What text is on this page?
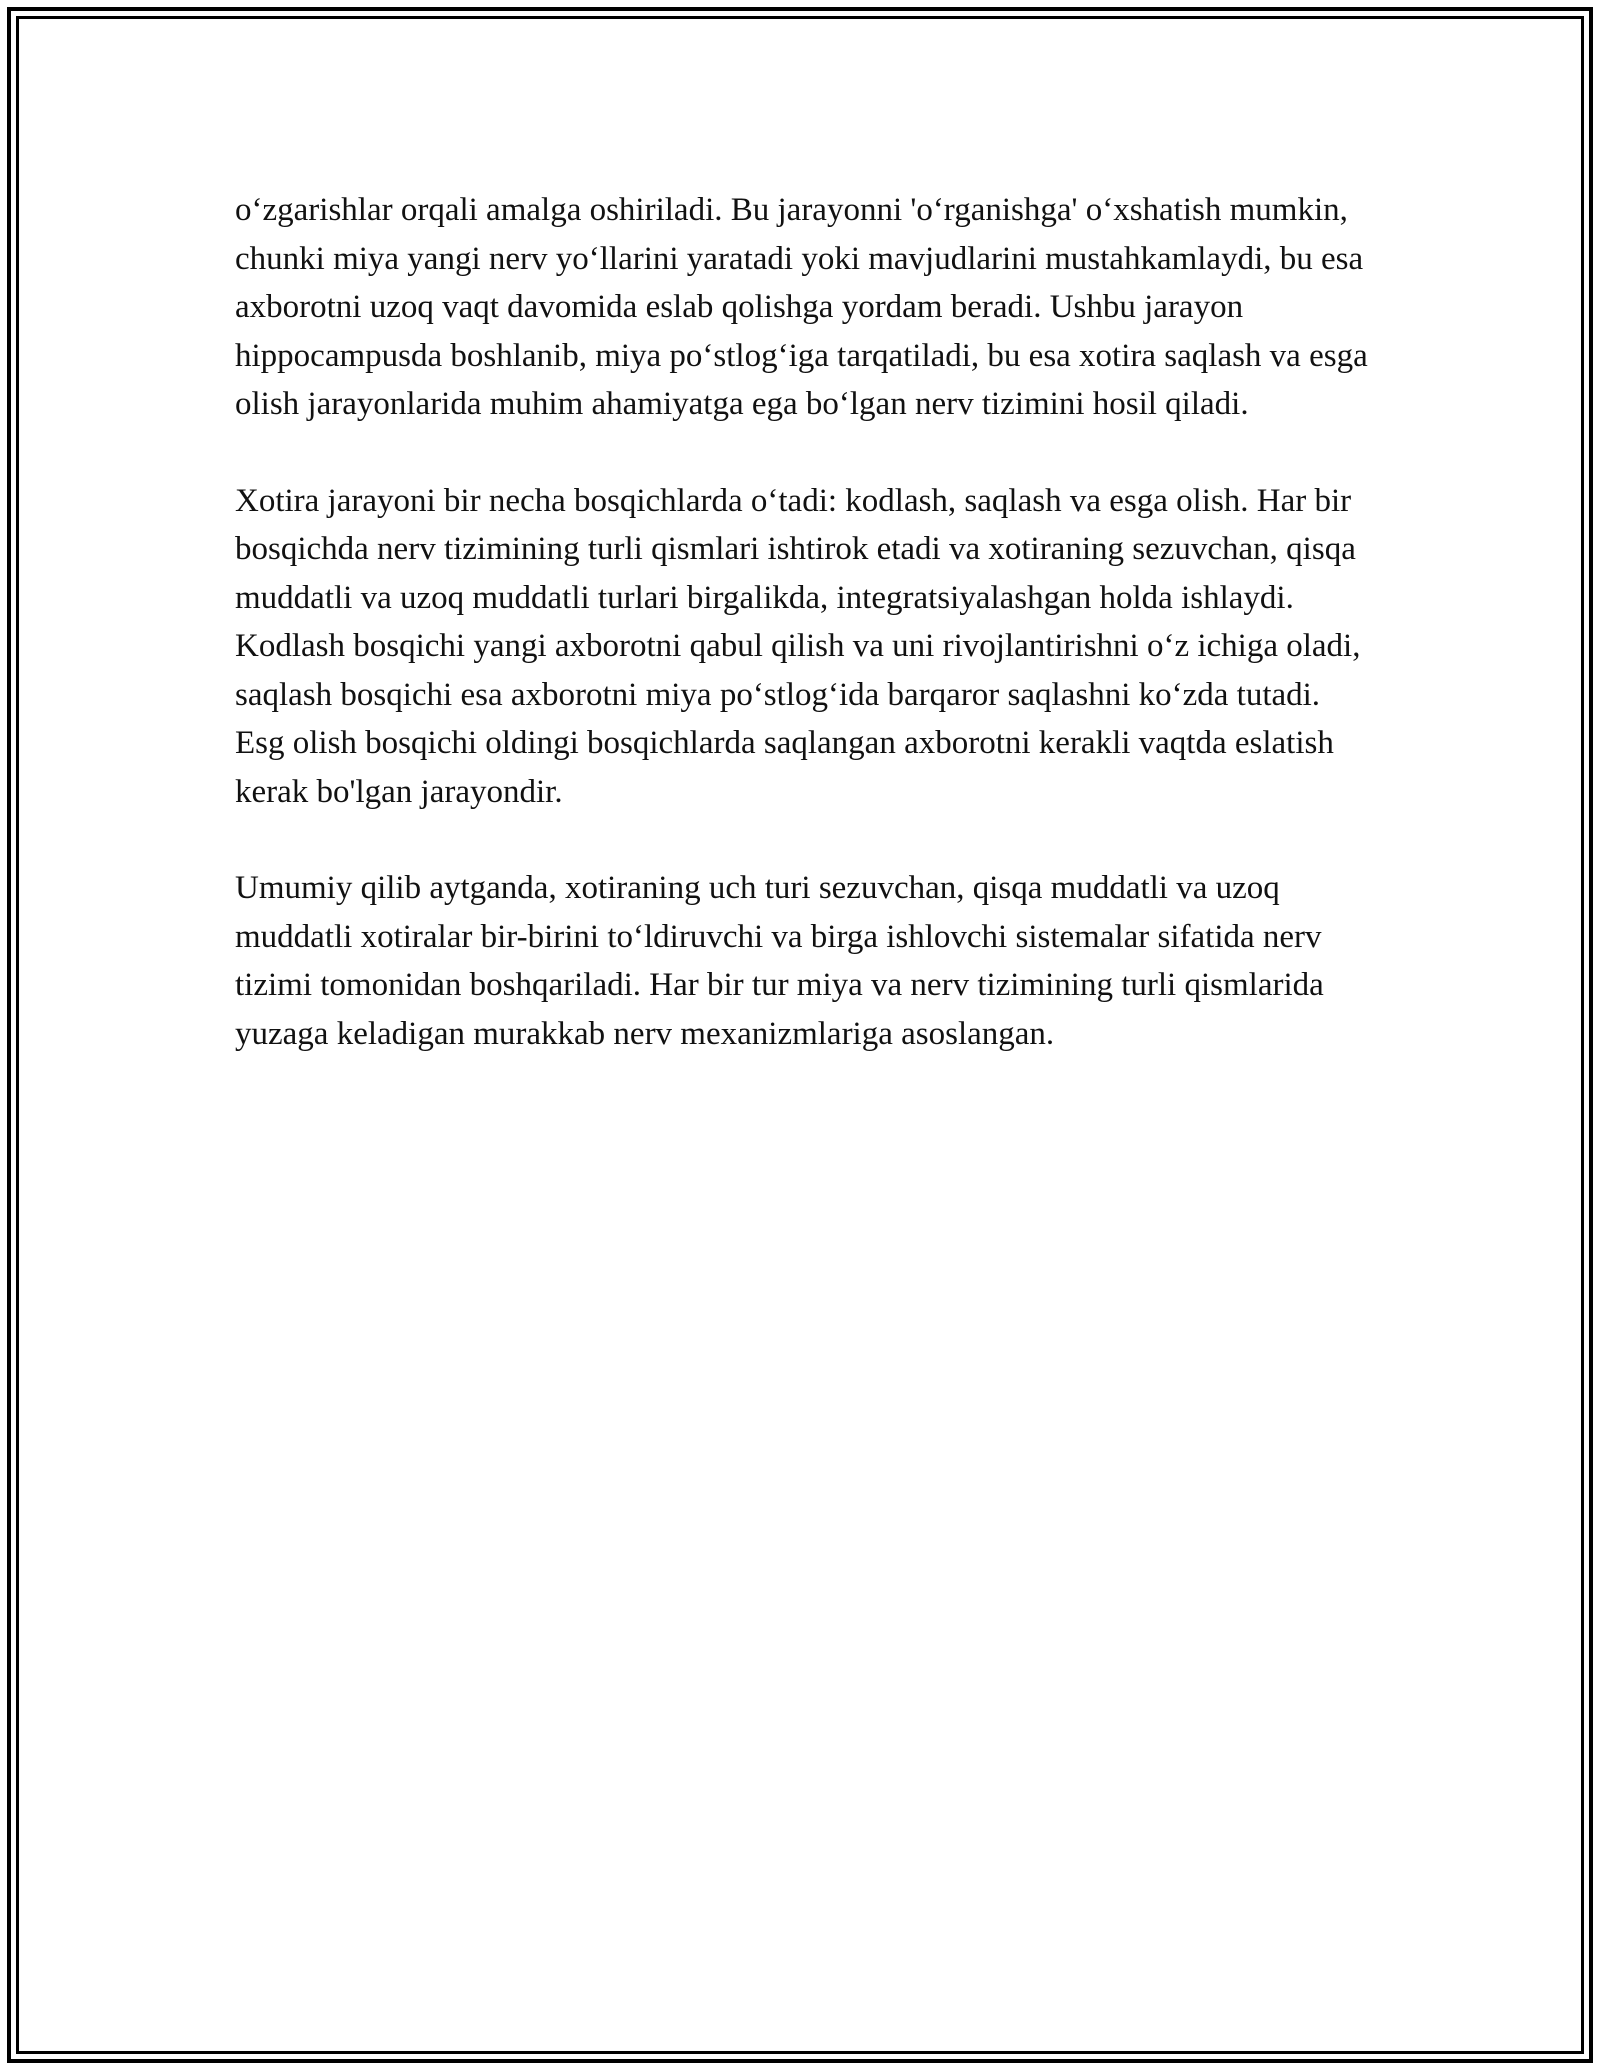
o‘zgarishlar orqali amalga oshiriladi. Bu jarayonni 'o‘rganishga' o‘xshatish mumkin, chunki miya yangi nerv yo‘llarini yaratadi yoki mavjudlarini mustahkamlaydi, bu esa axborotni uzoq vaqt davomida eslab qolishga yordam beradi. Ushbu jarayon hippocampusda boshlanib, miya po‘stlog‘iga tarqatiladi, bu esa xotira saqlash va esga olish jarayonlarida muhim ahamiyatga ega bo‘lgan nerv tizimini hosil qiladi.

Xotira jarayoni bir necha bosqichlarda o‘tadi: kodlash, saqlash va esga olish. Har bir bosqichda nerv tizimining turli qismlari ishtirok etadi va xotiraning sezuvchan, qisqa muddatli va uzoq muddatli turlari birgalikda, integratsiyalashgan holda ishlaydi. Kodlash bosqichi yangi axborotni qabul qilish va uni rivojlantirishni o‘z ichiga oladi, saqlash bosqichi esa axborotni miya po‘stlog‘ida barqaror saqlashni ko‘zda tutadi. Esg olish bosqichi oldingi bosqichlarda saqlangan axborotni kerakli vaqtda eslatish kerak bo'lgan jarayondir.

Umumiy qilib aytganda, xotiraning uch turi sezuvchan, qisqa muddatli va uzoq muddatli xotiralar bir-birini to‘ldiruvchi va birga ishlovchi sistemalar sifatida nerv tizimi tomonidan boshqariladi. Har bir tur miya va nerv tizimining turli qismlarida yuzaga keladigan murakkab nerv mexanizmlariga asoslangan.
